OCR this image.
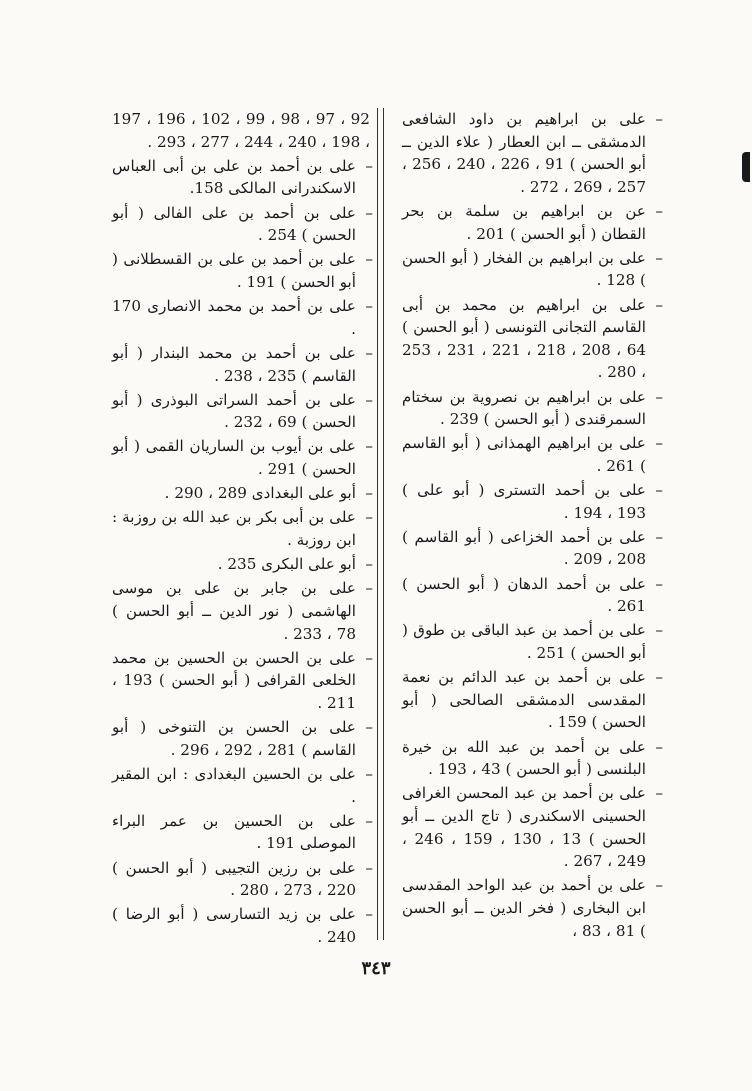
– على بن ابراهيم بن داود الشافعى الدمشقى ــ ابن العطار ( علاء الدين ــ أبو الحسن ) 91 ، 226 ، 240 ، 256 ، 257 ، 269 ، 272 .
– عن بن ابراهيم بن سلمة بن بحر القطان ( أبو الحسن ) 201 .
– على بن ابراهيم بن الفخار ( أبو الحسن ) 128 .
– على بن ابراهيم بن محمد بن أبى القاسم التجانى التونسى ( أبو الحسن ) 64 ، 208 ، 218 ، 221 ، 231 ، 253 ، 280 .
– على بن ابراهيم بن نصروية بن سختام السمرقندى ( أبو الحسن ) 239 .
– على بن ابراهيم الهمذانى ( أبو القاسم ) 261 .
– على بن أحمد التسترى ( أبو على ) 193 ، 194 .
– على بن أحمد الخزاعى ( أبو القاسم ) 208 ، 209 .
– على بن أحمد الدهان ( أبو الحسن ) 261 .
– على بن أحمد بن عبد الباقى بن طوق ( أبو الحسن ) 251 .
– على بن أحمد بن عبد الدائم بن نعمة المقدسى الدمشقى الصالحى ( أبو الحسن ) 159 .
– على بن أحمد بن عبد الله بن خيرة البلنسى ( أبو الحسن ) 43 ، 193 .
– على بن أحمد بن عبد المحسن الغرافى الحسينى الاسكندرى ( تاج الدين ــ أبو الحسن ) 13 ، 130 ، 159 ، 246 ، 249 ، 267 .
– على بن أحمد بن عبد الواحد المقدسى ابن البخارى ( فخر الدين ــ أبو الحسن ) 81 ، 83 ،
92 ، 97 ، 98 ، 99 ، 102 ، 196 ، 197 ، 198 ، 240 ، 244 ، 277 ، 293 .
– على بن أحمد بن على بن أبى العباس الاسكندرانى المالكى 158.
– على بن أحمد بن على الفالى ( أبو الحسن ) 254 .
– على بن أحمد بن على بن القسطلانى ( أبو الحسن ) 191 .
– على بن أحمد بن محمد الانصارى 170 .
– على بن أحمد بن محمد البندار ( أبو القاسم ) 235 ، 238 .
– على بن أحمد السراتى البوذرى ( أبو الحسن ) 69 ، 232 .
– على بن أيوب بن الساريان القمى ( أبو الحسن ) 291 .
– أبو على البغدادى 289 ، 290 .
– على بن أبى بكر بن عبد الله بن روزبة : ابن روزبة .
– أبو على البكرى 235 .
– على بن جابر بن على بن موسى الهاشمى ( نور الدين ــ أبو الحسن ) 78 ، 233 .
– على بن الحسن بن الحسين بن محمد الخلعى القرافى ( أبو الحسن ) 193 ، 211 .
– على بن الحسن بن التنوخى ( أبو القاسم ) 281 ، 292 ، 296 .
– على بن الحسين البغدادى : ابن المقير .
– على بن الحسين بن عمر البراء الموصلى 191 .
– على بن رزين التجيبى ( أبو الحسن ) 220 ، 273 ، 280 .
– على بن زيد التسارسى ( أبو الرضا ) 240 .
٣٤٣
